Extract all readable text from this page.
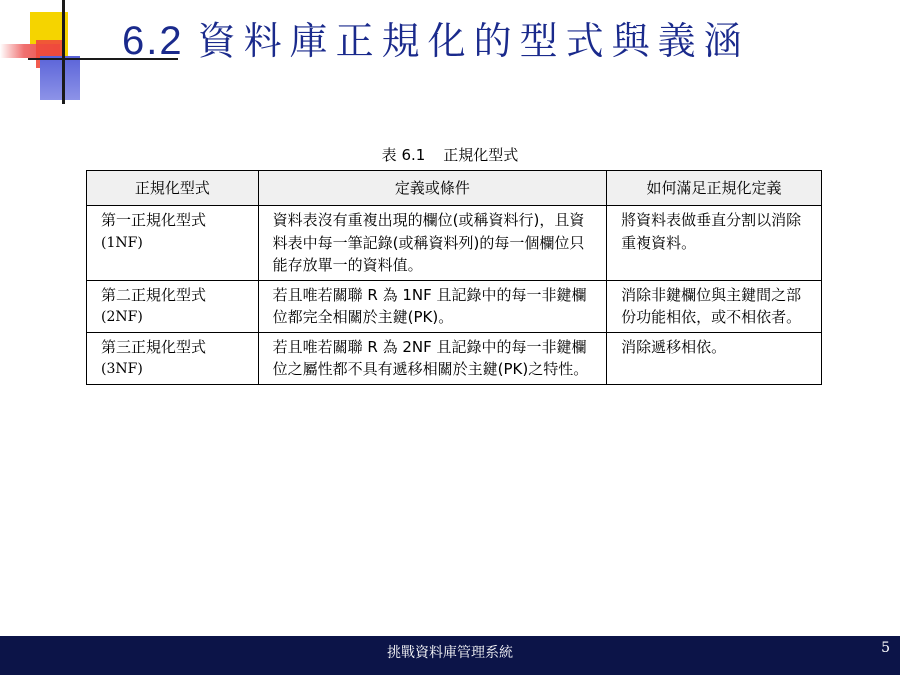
6.2 資料庫正規化的型式與義涵
表 6.1 正規化型式
正規化型式	定義或條件	如何滿足正規化定義

第一正規化型式
(1NF)	資料表沒有重複出現的欄位(或稱資料行)，且資料表中每一筆記錄(或稱資料列)的每一個欄位只能存放單一的資料值。	將資料表做垂直分割以消除重複資料。

第二正規化型式
(2NF)	若且唯若關聯 R 為 1NF 且記錄中的每一非鍵欄位都完全相關於主鍵(PK)。	消除非鍵欄位與主鍵間之部份功能相依，或不相依者。

第三正規化型式
(3NF)	若且唯若關聯 R 為 2NF 且記錄中的每一非鍵欄位之屬性都不具有遞移相關於主鍵(PK)之特性。	消除遞移相依。
挑戰資料庫管理系統	5
